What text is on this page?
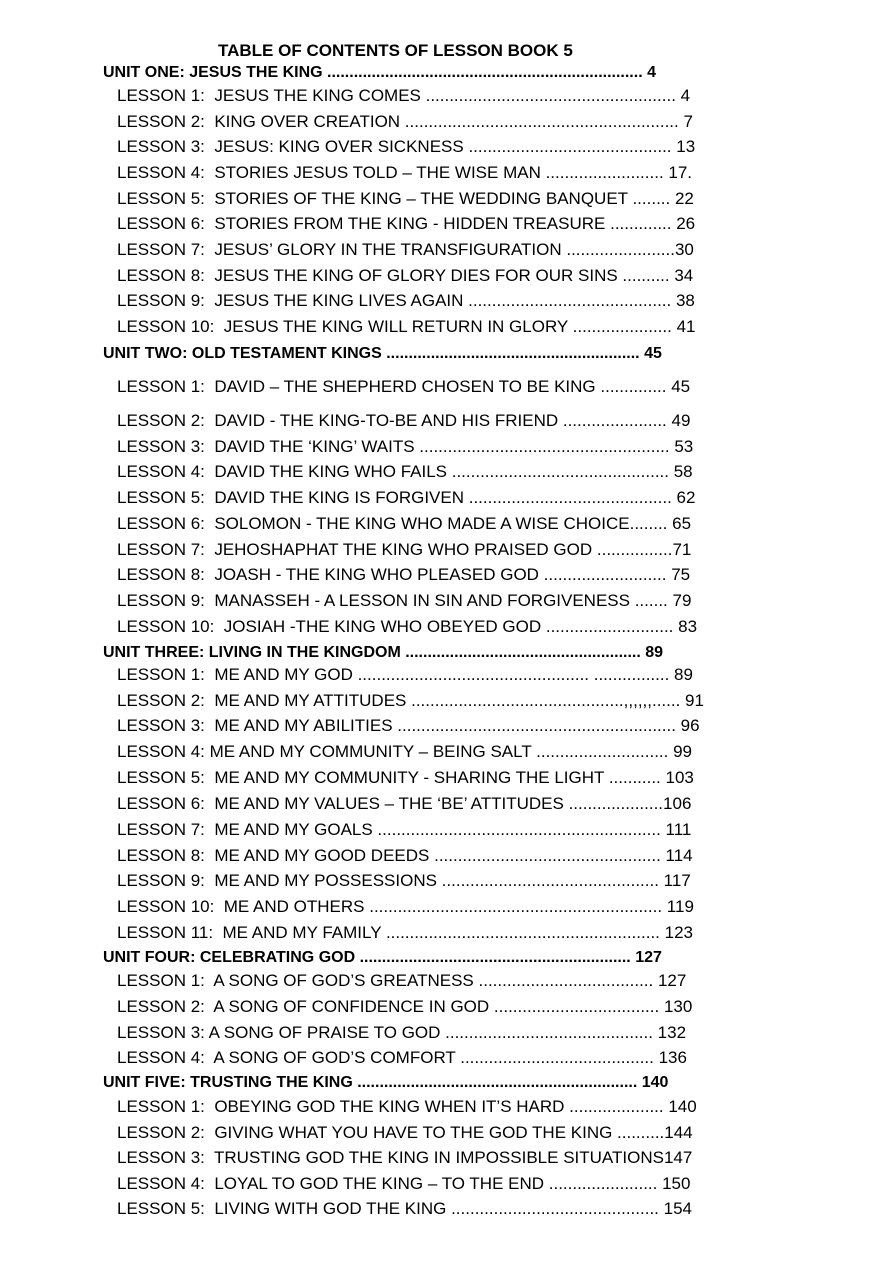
TABLE OF CONTENTS OF LESSON BOOK 5
UNIT ONE: JESUS THE KING ....................................................................... 4
LESSON 1:  JESUS THE KING COMES ..................................................... 4
LESSON 2:  KING OVER CREATION .......................................................... 7
LESSON 3:  JESUS: KING OVER SICKNESS ........................................... 13
LESSON 4:  STORIES JESUS TOLD – THE WISE MAN ......................... 17.
LESSON 5:  STORIES OF THE KING – THE WEDDING BANQUET ........ 22
LESSON 6:  STORIES FROM THE KING - HIDDEN TREASURE ............. 26
LESSON 7:  JESUS’ GLORY IN THE TRANSFIGURATION .......................30
LESSON 8:  JESUS THE KING OF GLORY DIES FOR OUR SINS .......... 34
LESSON 9:  JESUS THE KING LIVES AGAIN ........................................... 38
LESSON 10:  JESUS THE KING WILL RETURN IN GLORY ..................... 41
UNIT TWO: OLD TESTAMENT KINGS ......................................................... 45
LESSON 1:  DAVID – THE SHEPHERD CHOSEN TO BE KING .............. 45
LESSON 2:  DAVID - THE KING-TO-BE AND HIS FRIEND ...................... 49
LESSON 3:  DAVID THE ‘KING’ WAITS ..................................................... 53
LESSON 4:  DAVID THE KING WHO FAILS .............................................. 58
LESSON 5:  DAVID THE KING IS FORGIVEN ........................................... 62
LESSON 6:  SOLOMON - THE KING WHO MADE A WISE CHOICE........ 65
LESSON 7:  JEHOSHAPHAT THE KING WHO PRAISED GOD ................71
LESSON 8:  JOASH - THE KING WHO PLEASED GOD .......................... 75
LESSON 9:  MANASSEH - A LESSON IN SIN AND FORGIVENESS ....... 79
LESSON 10:  JOSIAH -THE KING WHO OBEYED GOD ........................... 83
UNIT THREE: LIVING IN THE KINGDOM ..................................................... 89
LESSON 1:  ME AND MY GOD ................................................. ................ 89
LESSON 2:  ME AND MY ATTITUDES .............................................,,,,,,...... 91
LESSON 3:  ME AND MY ABILITIES ........................................................... 96
LESSON 4: ME AND MY COMMUNITY – BEING SALT ............................ 99
LESSON 5:  ME AND MY COMMUNITY - SHARING THE LIGHT ........... 103
LESSON 6:  ME AND MY VALUES – THE ‘BE’ ATTITUDES ....................106
LESSON 7:  ME AND MY GOALS ............................................................ 111
LESSON 8:  ME AND MY GOOD DEEDS ................................................ 114
LESSON 9:  ME AND MY POSSESSIONS .............................................. 117
LESSON 10:  ME AND OTHERS .............................................................. 119
LESSON 11:  ME AND MY FAMILY .......................................................... 123
UNIT FOUR: CELEBRATING GOD ............................................................. 127
LESSON 1:  A SONG OF GOD’S GREATNESS ..................................... 127
LESSON 2:  A SONG OF CONFIDENCE IN GOD ................................... 130
LESSON 3: A SONG OF PRAISE TO GOD ............................................ 132
LESSON 4:  A SONG OF GOD’S COMFORT ......................................... 136
UNIT FIVE: TRUSTING THE KING ............................................................... 140
LESSON 1:  OBEYING GOD THE KING WHEN IT’S HARD .................... 140
LESSON 2:  GIVING WHAT YOU HAVE TO THE GOD THE KING ..........144
LESSON 3:  TRUSTING GOD THE KING IN IMPOSSIBLE SITUATIONS147
LESSON 4:  LOYAL TO GOD THE KING – TO THE END ....................... 150
LESSON 5:  LIVING WITH GOD THE KING ............................................ 154
